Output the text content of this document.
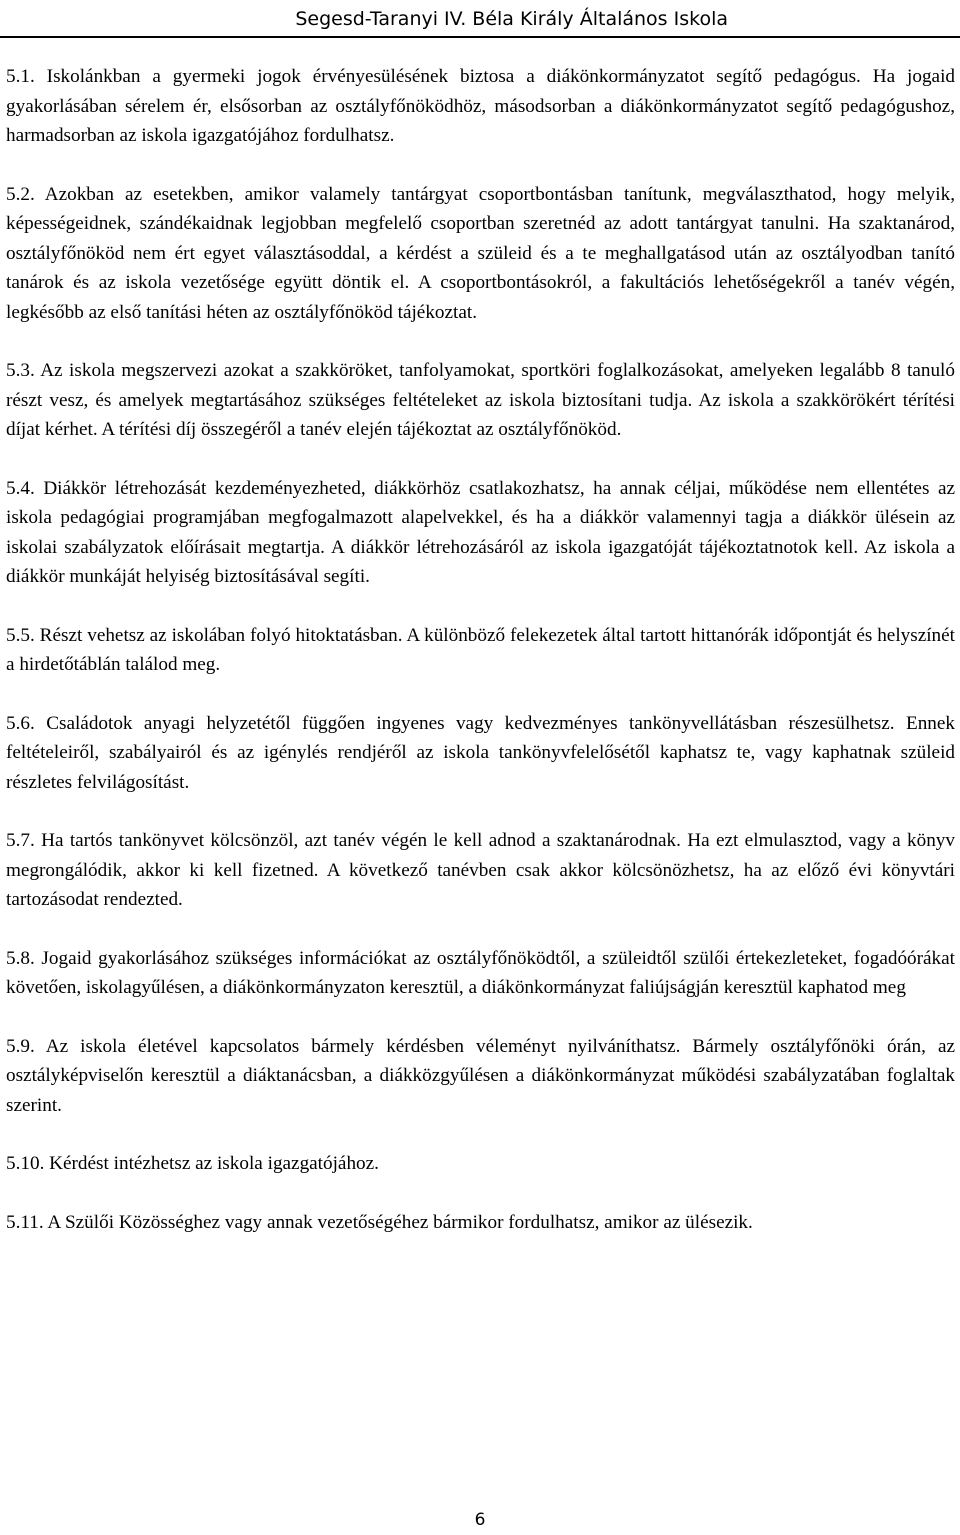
Segesd-Taranyi IV. Béla Király Általános Iskola

5.1. Iskolánkban a gyermeki jogok érvényesülésének biztosa a diákönkormányzatot segítő pedagógus. Ha jogaid gyakorlásában sérelem ér, elsősorban az osztályfőnöködhöz, másodsorban a diákönkormányzatot segítő pedagógushoz, harmadsorban az iskola igazgatójához fordulhatsz.

5.2. Azokban az esetekben, amikor valamely tantárgyat csoportbontásban tanítunk, megválaszthatod, hogy melyik, képességeidnek, szándékaidnak legjobban megfelelő csoportban szeretnéd az adott tantárgyat tanulni. Ha szaktanárod, osztályfőnököd nem ért egyet választásoddal, a kérdést a szüleid és a te meghallgatásod után az osztályodban tanító tanárok és az iskola vezetősége együtt döntik el. A csoportbontásokról, a fakultációs lehetőségekről a tanév végén, legkésőbb az első tanítási héten az osztályfőnököd tájékoztat.

5.3. Az iskola megszervezi azokat a szakköröket, tanfolyamokat, sportköri foglalkozásokat, amelyeken legalább 8 tanuló részt vesz, és amelyek megtartásához szükséges feltételeket az iskola biztosítani tudja. Az iskola a szakkörökért térítési díjat kérhet. A térítési díj összegéről a tanév elején tájékoztat az osztályfőnököd.

5.4. Diákkör létrehozását kezdeményezheted, diákkörhöz csatlakozhatsz, ha annak céljai, működése nem ellentétes az iskola pedagógiai programjában megfogalmazott alapelvekkel, és ha a diákkör valamennyi tagja a diákkör ülésein az iskolai szabályzatok előírásait megtartja. A diákkör létrehozásáról az iskola igazgatóját tájékoztatnotok kell. Az iskola a diákkör munkáját helyiség biztosításával segíti.

5.5. Részt vehetsz az iskolában folyó hitoktatásban. A különböző felekezetek által tartott hittanórák időpontját és helyszínét a hirdetőtáblán találod meg.

5.6. Családotok anyagi helyzetétől függően ingyenes vagy kedvezményes tankönyvellátásban részesülhetsz. Ennek feltételeiről, szabályairól és az igénylés rendjéről az iskola tankönyvfelelősétől kaphatsz te, vagy kaphatnak szüleid részletes felvilágosítást.

5.7. Ha tartós tankönyvet kölcsönzöl, azt tanév végén le kell adnod a szaktanárodnak. Ha ezt elmulasztod, vagy a könyv megrongálódik, akkor ki kell fizetned. A következő tanévben csak akkor kölcsönözhetsz, ha az előző évi könyvtári tartozásodat rendezted.

5.8. Jogaid gyakorlásához szükséges információkat az osztályfőnöködtől, a szüleidtől szülői értekezleteket, fogadóórákat követően, iskolagyűlésen, a diákönkormányzaton keresztül, a diákönkormányzat faliújságján keresztül kaphatod meg

5.9. Az iskola életével kapcsolatos bármely kérdésben véleményt nyilváníthatsz. Bármely osztályfőnöki órán, az osztályképviselőn keresztül a diáktanácsban, a diákközgyűlésen a diákönkormányzat működési szabályzatában foglaltak szerint.

5.10. Kérdést intézhetsz az iskola igazgatójához.

5.11. A Szülői Közösséghez vagy annak vezetőségéhez bármikor fordulhatsz, amikor az ülésezik.

6
